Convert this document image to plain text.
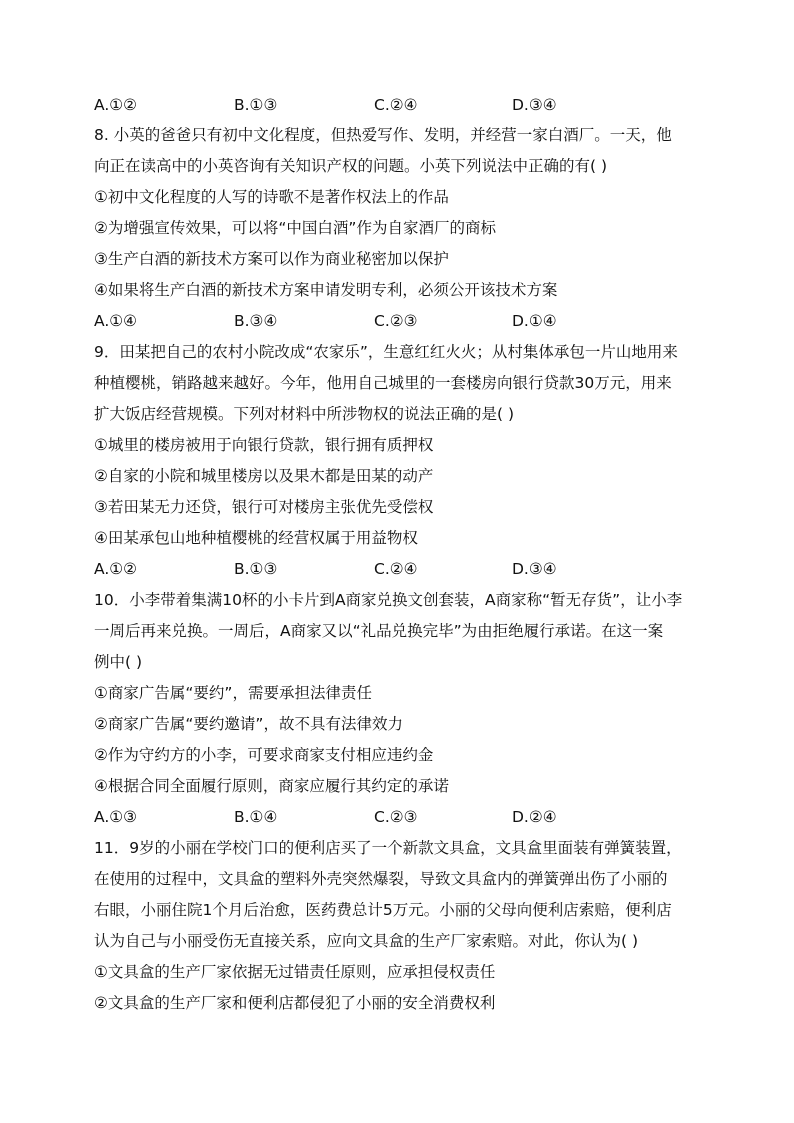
A.①②	B.①③	C.②④	D.③④
8. 小英的爸爸只有初中文化程度，但热爱写作、发明，并经营一家白酒厂。一天，他
向正在读高中的小英咨询有关知识产权的问题。小英下列说法中正确的有( )
①初中文化程度的人写的诗歌不是著作权法上的作品
②为增强宣传效果，可以将“中国白酒”作为自家酒厂的商标
③生产白酒的新技术方案可以作为商业秘密加以保护
④如果将生产白酒的新技术方案申请发明专利，必须公开该技术方案
A.①④	B.③④	C.②③	D.①④
9．田某把自己的农村小院改成“农家乐”，生意红红火火；从村集体承包一片山地用来
种植樱桃，销路越来越好。今年，他用自己城里的一套楼房向银行贷款30万元，用来
扩大饭店经营规模。下列对材料中所涉物权的说法正确的是( )
①城里的楼房被用于向银行贷款，银行拥有质押权
②自家的小院和城里楼房以及果木都是田某的动产
③若田某无力还贷，银行可对楼房主张优先受偿权
④田某承包山地种植樱桃的经营权属于用益物权
A.①②	B.①③	C.②④	D.③④
10．小李带着集满10杯的小卡片到A商家兑换文创套装，A商家称“暂无存货”，让小李
一周后再来兑换。一周后，A商家又以“礼品兑换完毕”为由拒绝履行承诺。在这一案
例中( )
①商家广告属“要约”，需要承担法律责任
②商家广告属“要约邀请”，故不具有法律效力
②作为守约方的小李，可要求商家支付相应违约金
④根据合同全面履行原则，商家应履行其约定的承诺
A.①③	B.①④	C.②③	D.②④
11．9岁的小丽在学校门口的便利店买了一个新款文具盒，文具盒里面装有弹簧装置，
在使用的过程中，文具盒的塑料外壳突然爆裂，导致文具盒内的弹簧弹出伤了小丽的
右眼，小丽住院1个月后治愈，医药费总计5万元。小丽的父母向便利店索赔，便利店
认为自己与小丽受伤无直接关系，应向文具盒的生产厂家索赔。对此，你认为( )
①文具盒的生产厂家依据无过错责任原则，应承担侵权责任
②文具盒的生产厂家和便利店都侵犯了小丽的安全消费权利
